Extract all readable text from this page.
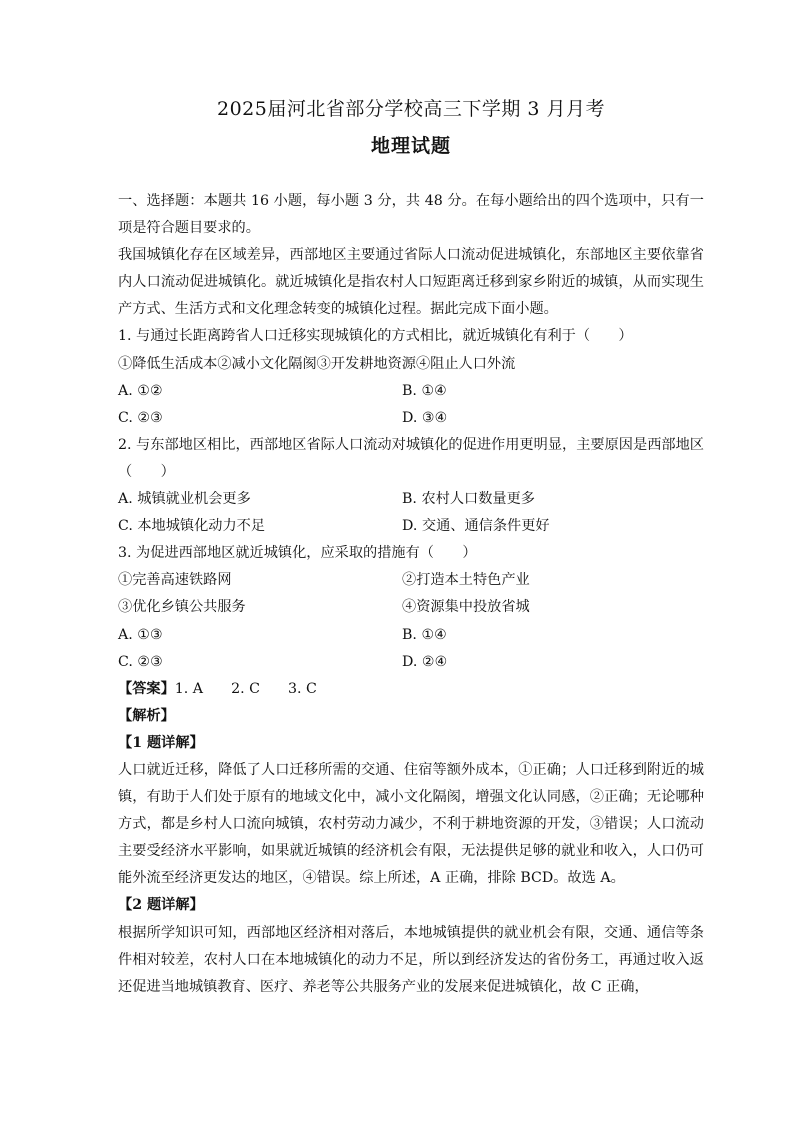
2025届河北省部分学校高三下学期 3 月月考
地理试题

一、选择题：本题共 16 小题，每小题 3 分，共 48 分。在每小题给出的四个选项中，只有一项是符合题目要求的。

我国城镇化存在区域差异，西部地区主要通过省际人口流动促进城镇化，东部地区主要依靠省内人口流动促进城镇化。就近城镇化是指农村人口短距离迁移到家乡附近的城镇，从而实现生产方式、生活方式和文化理念转变的城镇化过程。据此完成下面小题。

1. 与通过长距离跨省人口迁移实现城镇化的方式相比，就近城镇化有利于（　　）

①降低生活成本②减小文化隔阂③开发耕地资源④阻止人口外流

A. ①②	B. ①④
C. ②③	D. ③④

2. 与东部地区相比，西部地区省际人口流动对城镇化的促进作用更明显，主要原因是西部地区（　　）

A. 城镇就业机会更多	B. 农村人口数量更多
C. 本地城镇化动力不足	D. 交通、通信条件更好

3. 为促进西部地区就近城镇化，应采取的措施有（　　）

①完善高速铁路网	②打造本土特色产业
③优化乡镇公共服务	④资源集中投放省城
A. ①③	B. ①④
C. ②③	D. ②④

【答案】1. A 2. C 3. C

【解析】

【1 题详解】

人口就近迁移，降低了人口迁移所需的交通、住宿等额外成本，①正确；人口迁移到附近的城镇，有助于人们处于原有的地域文化中，减小文化隔阂，增强文化认同感，②正确；无论哪种方式，都是乡村人口流向城镇，农村劳动力减少，不利于耕地资源的开发，③错误；人口流动主要受经济水平影响，如果就近城镇的经济机会有限，无法提供足够的就业和收入，人口仍可能外流至经济更发达的地区，④错误。综上所述，A 正确，排除 BCD。故选 A。

【2 题详解】

根据所学知识可知，西部地区经济相对落后，本地城镇提供的就业机会有限，交通、通信等条件相对较差，农村人口在本地城镇化的动力不足，所以到经济发达的省份务工，再通过收入返还促进当地城镇教育、医疗、养老等公共服务产业的发展来促进城镇化，故 C 正确，
